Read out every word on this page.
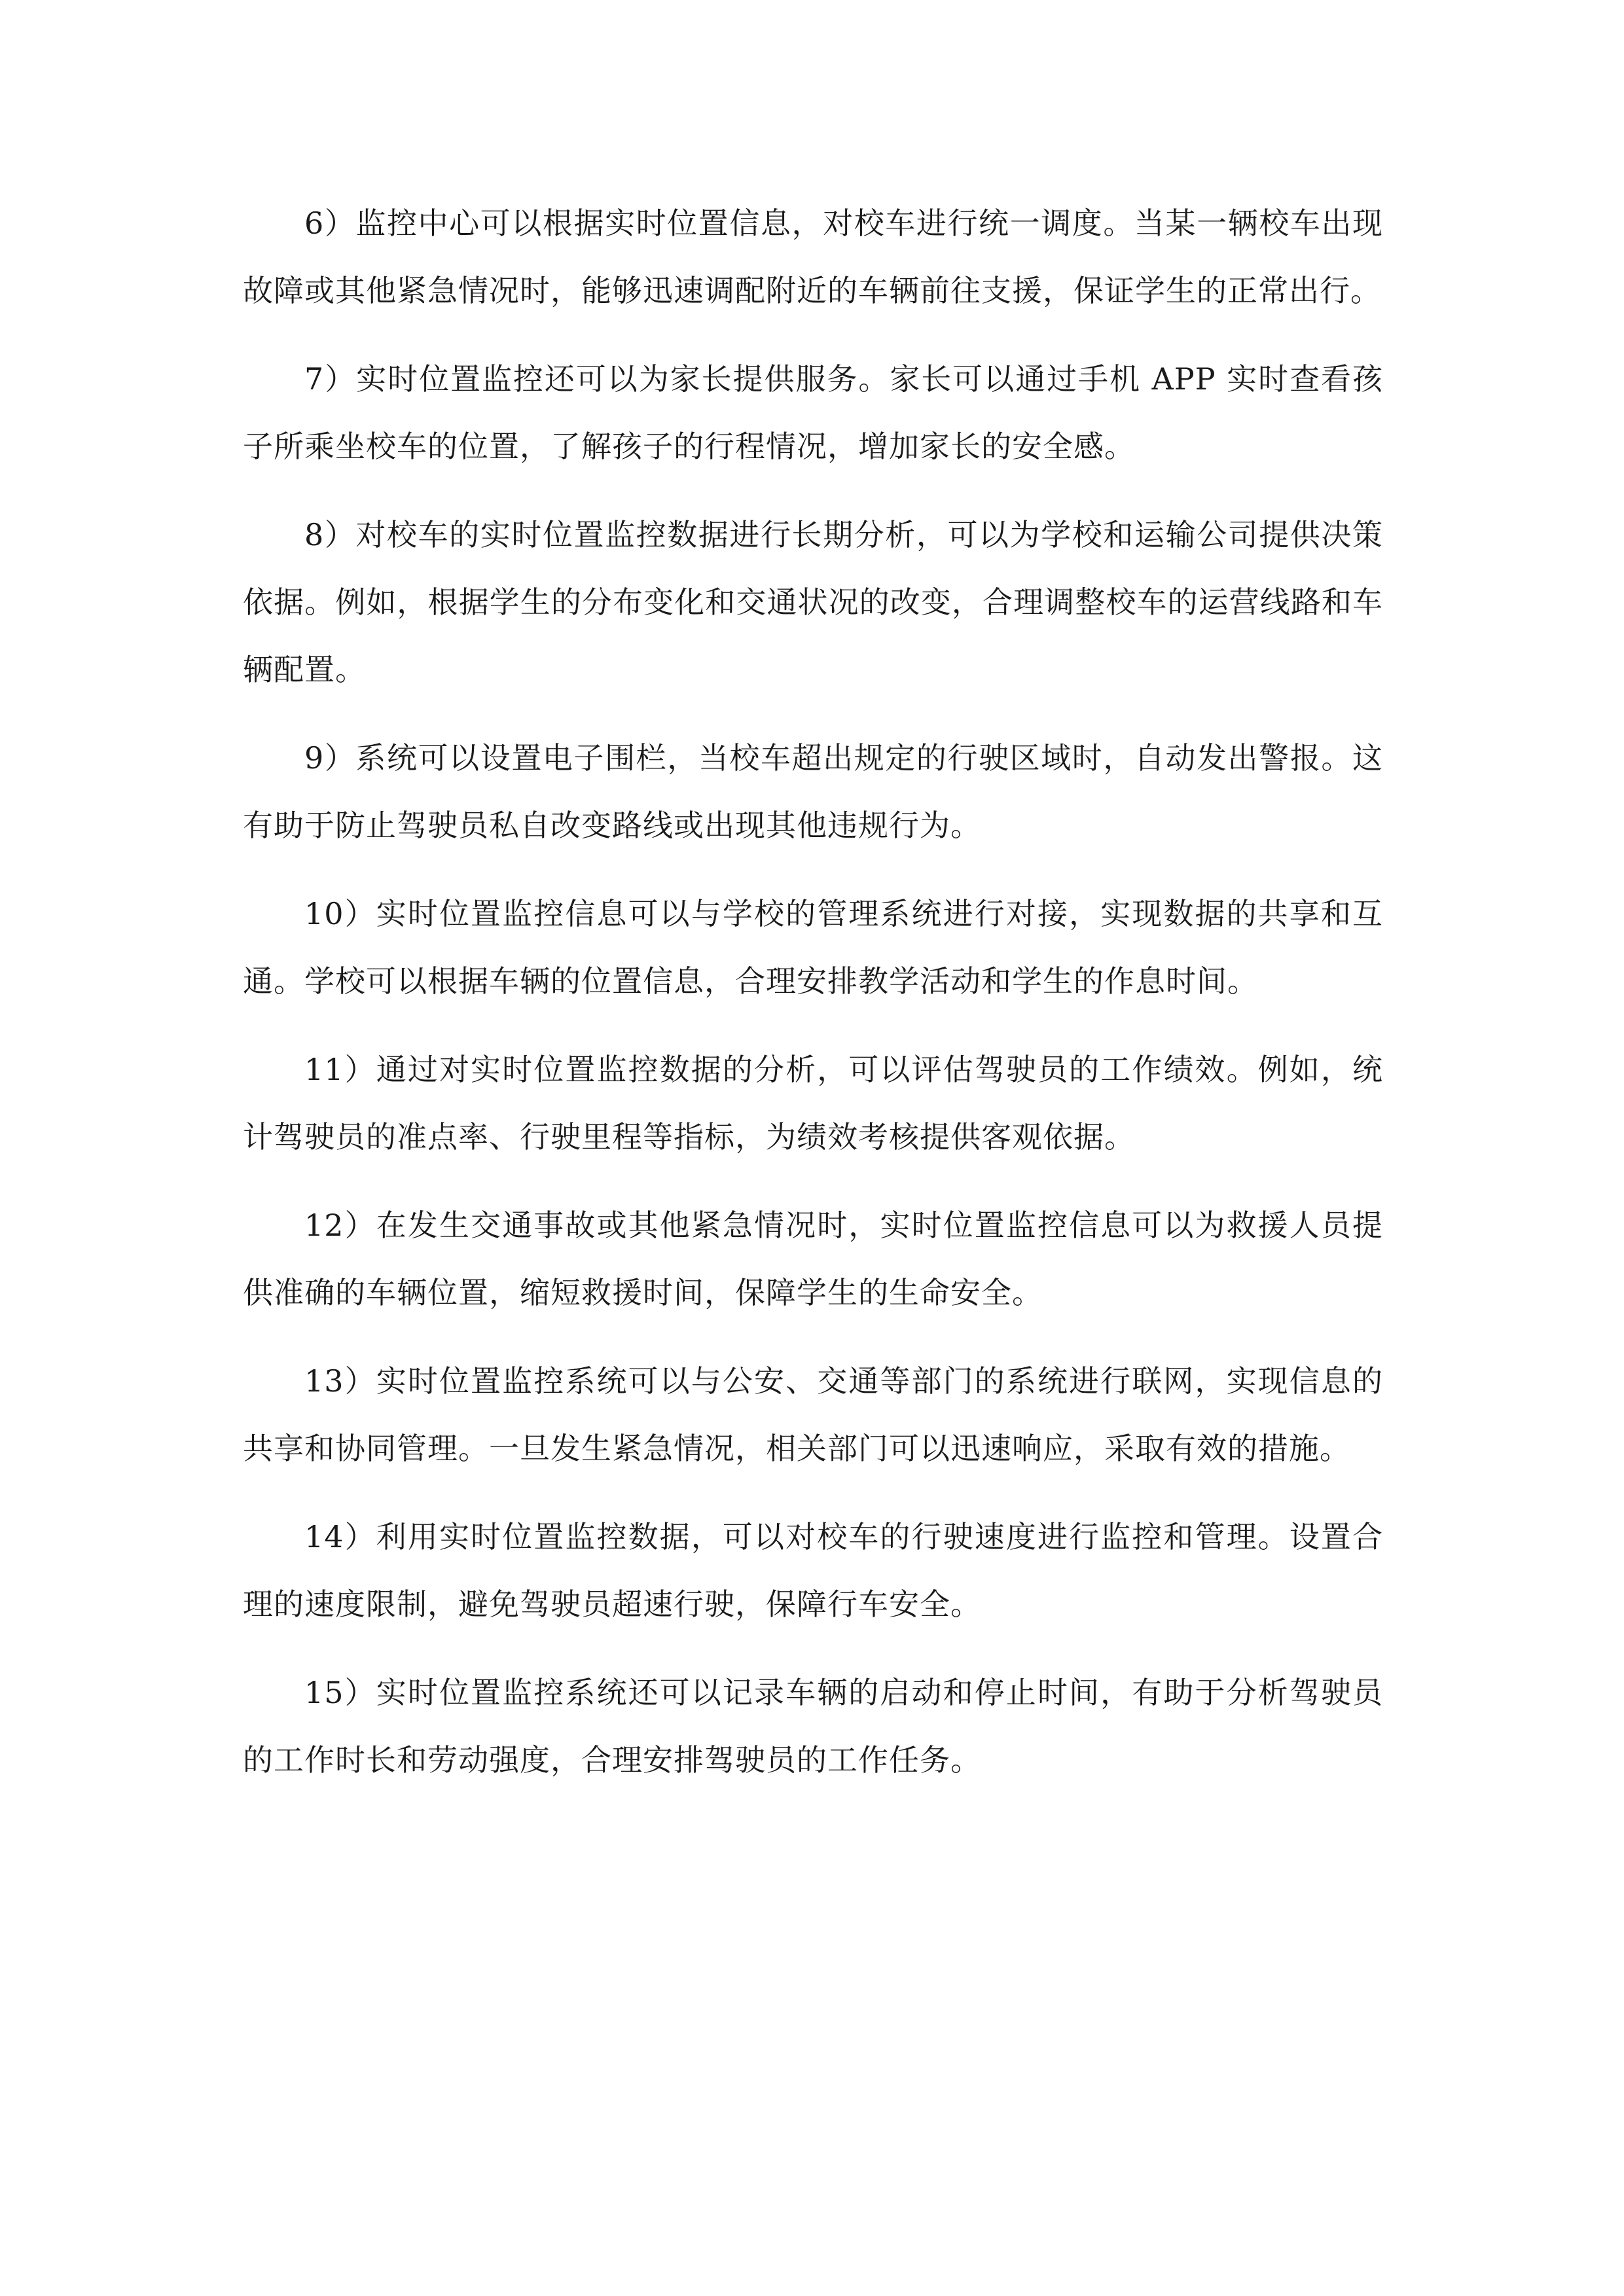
6）监控中心可以根据实时位置信息，对校车进行统一调度。当某一辆校车出现故障或其他紧急情况时，能够迅速调配附近的车辆前往支援，保证学生的正常出行。

7）实时位置监控还可以为家长提供服务。家长可以通过手机 APP 实时查看孩子所乘坐校车的位置，了解孩子的行程情况，增加家长的安全感。

8）对校车的实时位置监控数据进行长期分析，可以为学校和运输公司提供决策依据。例如，根据学生的分布变化和交通状况的改变，合理调整校车的运营线路和车辆配置。

9）系统可以设置电子围栏，当校车超出规定的行驶区域时，自动发出警报。这有助于防止驾驶员私自改变路线或出现其他违规行为。

10）实时位置监控信息可以与学校的管理系统进行对接，实现数据的共享和互通。学校可以根据车辆的位置信息，合理安排教学活动和学生的作息时间。

11）通过对实时位置监控数据的分析，可以评估驾驶员的工作绩效。例如，统计驾驶员的准点率、行驶里程等指标，为绩效考核提供客观依据。

12）在发生交通事故或其他紧急情况时，实时位置监控信息可以为救援人员提供准确的车辆位置，缩短救援时间，保障学生的生命安全。

13）实时位置监控系统可以与公安、交通等部门的系统进行联网，实现信息的共享和协同管理。一旦发生紧急情况，相关部门可以迅速响应，采取有效的措施。

14）利用实时位置监控数据，可以对校车的行驶速度进行监控和管理。设置合理的速度限制，避免驾驶员超速行驶，保障行车安全。

15）实时位置监控系统还可以记录车辆的启动和停止时间，有助于分析驾驶员的工作时长和劳动强度，合理安排驾驶员的工作任务。
